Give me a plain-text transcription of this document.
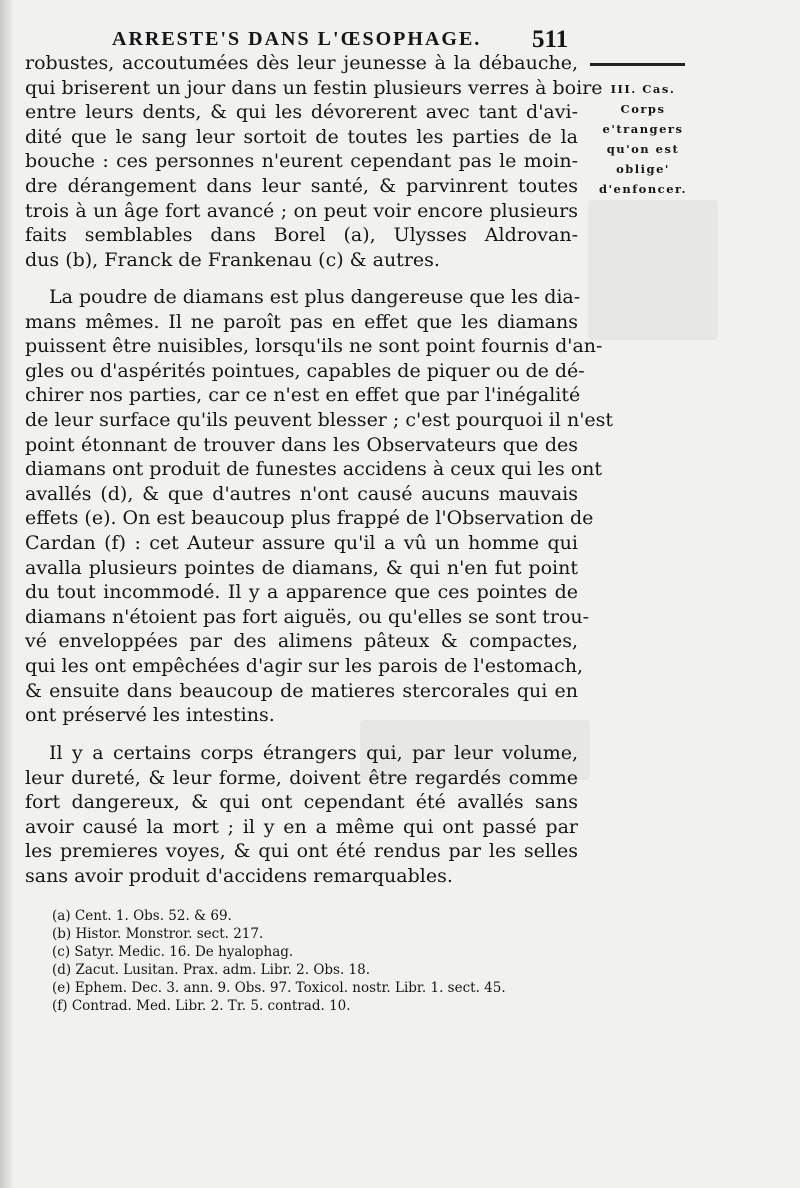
ARRESTE'S DANS L'ŒSOPHAGE.	511
III. Cas.
Corps
e'trangers
qu'on est
oblige'
d'enfoncer.
robustes, accoutumées dès leur jeunesse à la débauche,
qui briserent un jour dans un festin plusieurs verres à boire
entre leurs dents, & qui les dévorerent avec tant d'avi-
dité que le sang leur sortoit de toutes les parties de la
bouche : ces personnes n'eurent cependant pas le moin-
dre dérangement dans leur santé, & parvinrent toutes
trois à un âge fort avancé ; on peut voir encore plusieurs
faits semblables dans Borel (a), Ulysses Aldrovan-
dus (b), Franck de Frankenau (c) & autres.
La poudre de diamans est plus dangereuse que les dia-
mans mêmes. Il ne paroît pas en effet que les diamans
puissent être nuisibles, lorsqu'ils ne sont point fournis d'an-
gles ou d'aspérités pointues, capables de piquer ou de dé-
chirer nos parties, car ce n'est en effet que par l'inégalité
de leur surface qu'ils peuvent blesser ; c'est pourquoi il n'est
point étonnant de trouver dans les Observateurs que des
diamans ont produit de funestes accidens à ceux qui les ont
avallés (d), & que d'autres n'ont causé aucuns mauvais
effets (e). On est beaucoup plus frappé de l'Observation de
Cardan (f) : cet Auteur assure qu'il a vû un homme qui
avalla plusieurs pointes de diamans, & qui n'en fut point
du tout incommodé. Il y a apparence que ces pointes de
diamans n'étoient pas fort aiguës, ou qu'elles se sont trou-
vé enveloppées par des alimens pâteux & compactes,
qui les ont empêchées d'agir sur les parois de l'estomach,
& ensuite dans beaucoup de matieres stercorales qui en
ont préservé les intestins.
Il y a certains corps étrangers qui, par leur volume,
leur dureté, & leur forme, doivent être regardés comme
fort dangereux, & qui ont cependant été avallés sans
avoir causé la mort ; il y en a même qui ont passé par
les premieres voyes, & qui ont été rendus par les selles
sans avoir produit d'accidens remarquables.
(a) Cent. 1. Obs. 52. & 69.
(b) Histor. Monstror. sect. 217.
(c) Satyr. Medic. 16. De hyalophag.
(d) Zacut. Lusitan. Prax. adm. Libr. 2. Obs. 18.
(e) Ephem. Dec. 3. ann. 9. Obs. 97. Toxicol. nostr. Libr. 1. sect. 45.
(f) Contrad. Med. Libr. 2. Tr. 5. contrad. 10.
